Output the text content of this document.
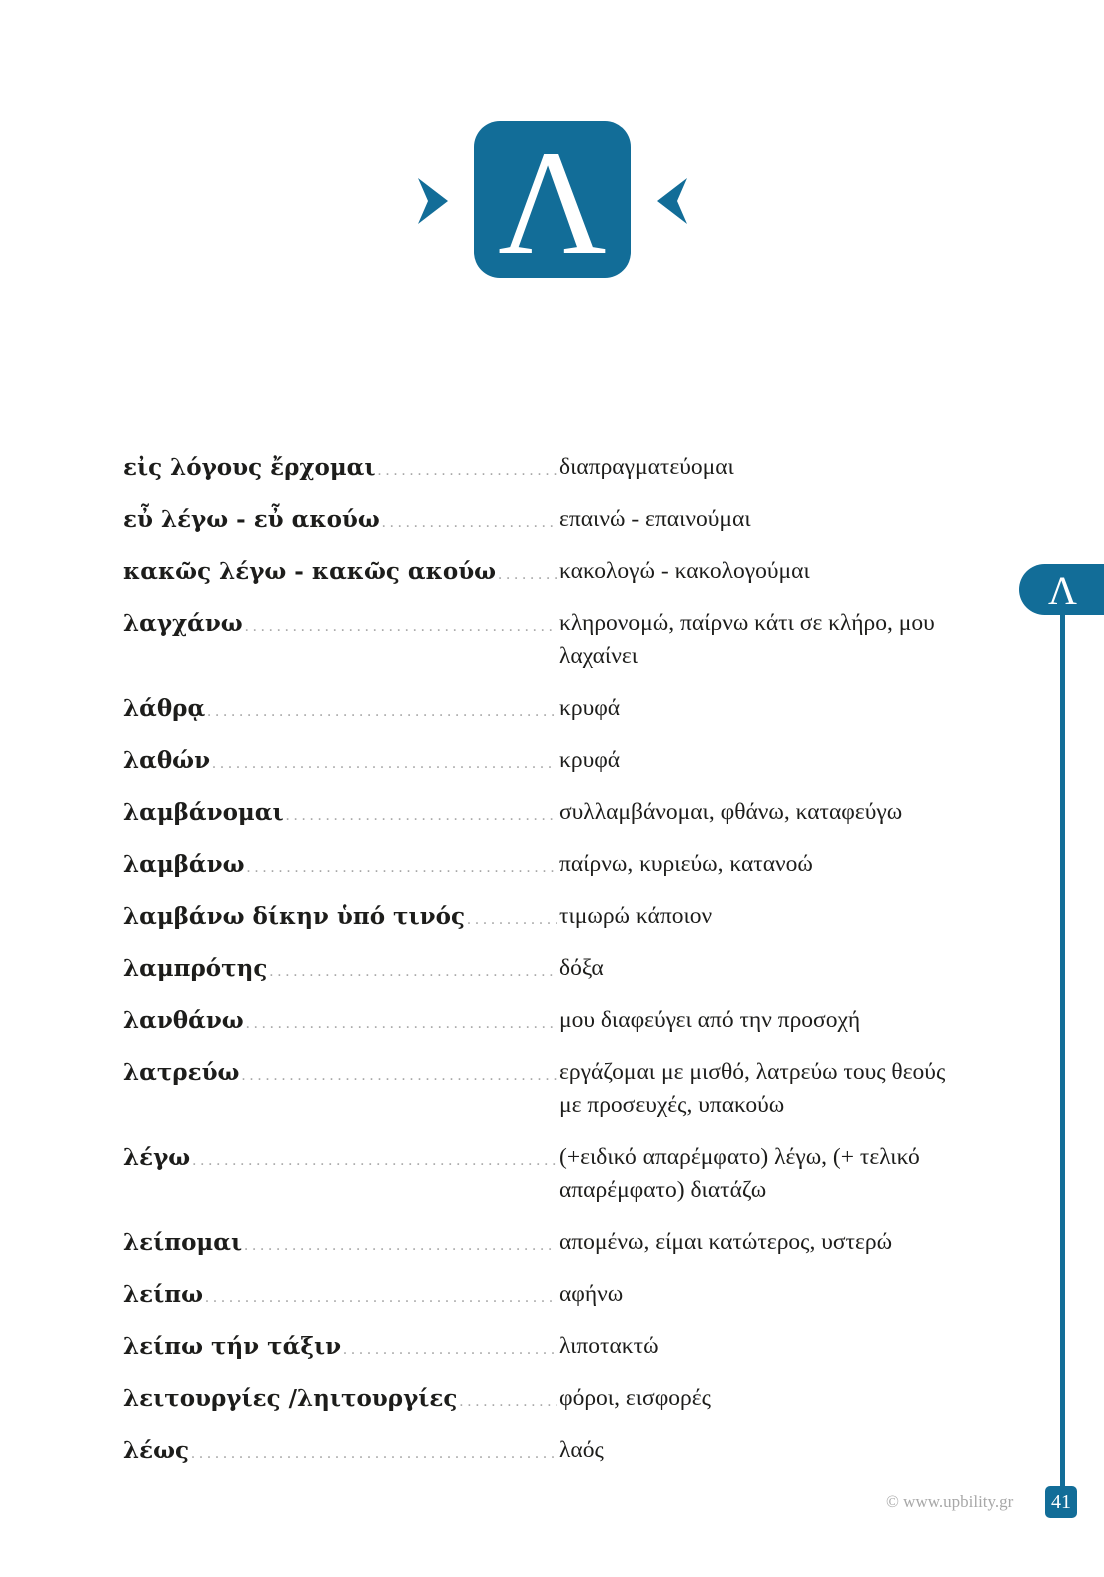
Λ
Λ
εἰς λόγους ἔρχομαι .....	διαπραγματεύομαι

εὖ λέγω - εὖ ακούω .....	επαινώ - επαινούμαι

κακῶς λέγω - κακῶς ακούω .....	κακολογώ - κακολογούμαι

λαγχάνω .....	κληρονομώ, παίρνω κάτι σε κλήρο, μου λαχαίνει

λάθρᾳ .....	κρυφά

λαθών .....	κρυφά

λαμβάνομαι .....	συλλαμβάνομαι, φθάνω, καταφεύγω

λαμβάνω .....	παίρνω, κυριεύω, κατανοώ

λαμβάνω δίκην ὑπό τινός .....	τιμωρώ κάποιον

λαμπρότης .....	δόξα

λανθάνω .....	μου διαφεύγει από την προσοχή

λατρεύω .....	εργάζομαι με μισθό, λατρεύω τους θεούς με προσευχές, υπακούω

λέγω .....	(+ειδικό απαρέμφατο) λέγω, (+ τελικό απαρέμφατο) διατάζω

λείπομαι .....	απομένω, είμαι κατώτερος, υστερώ

λείπω .....	αφήνω

λείπω τήν τάξιν .....	λιποτακτώ

λειτουργίες /ληιτουργίες .....	φόροι, εισφορές

λέως .....	λαός

© www.upbility.gr	41
